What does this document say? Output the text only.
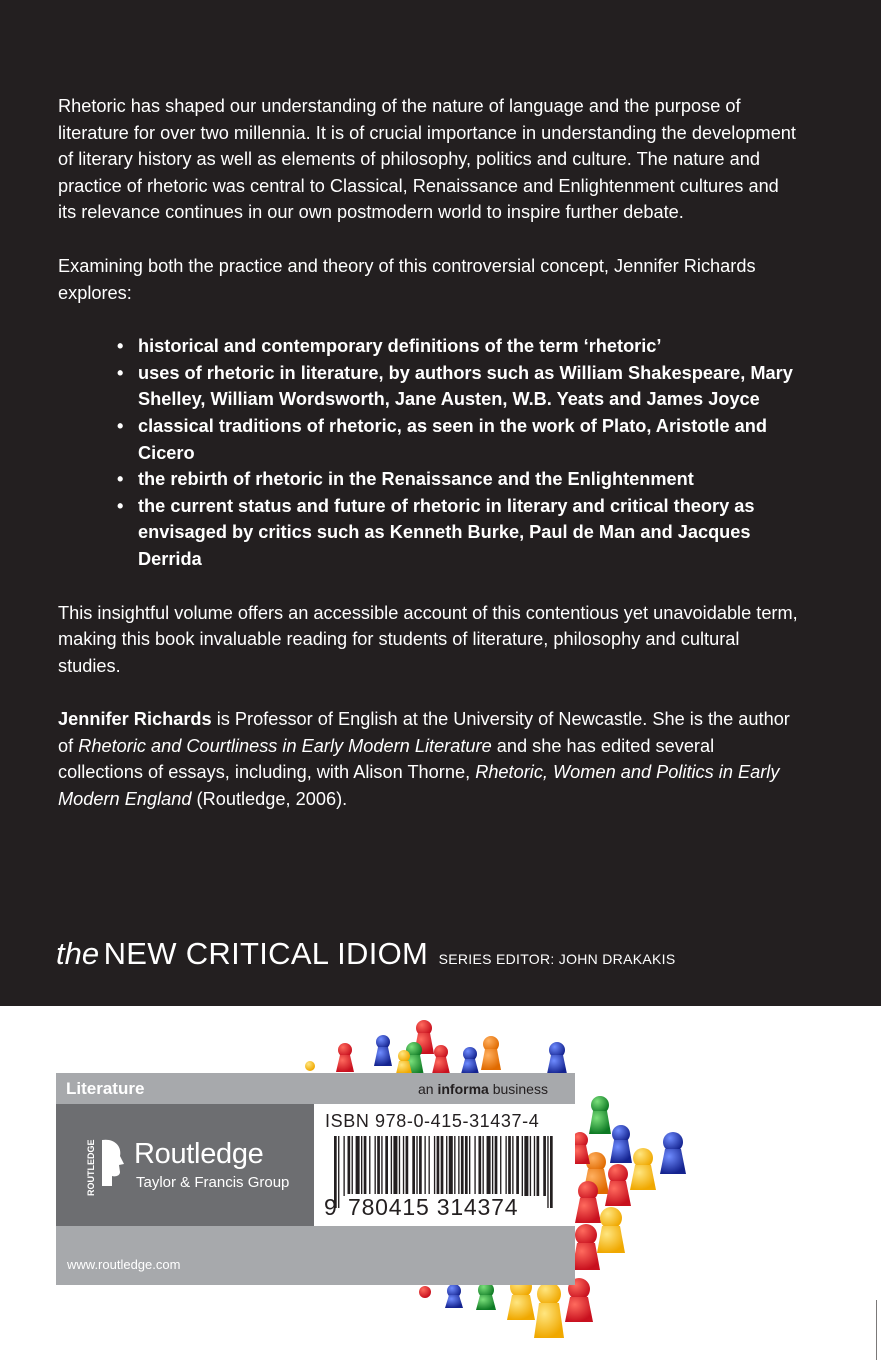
Rhetoric has shaped our understanding of the nature of language and the purpose of literature for over two millennia. It is of crucial importance in understanding the development of literary history as well as elements of philosophy, politics and culture. The nature and practice of rhetoric was central to Classical, Renaissance and Enlightenment cultures and its relevance continues in our own postmodern world to inspire further debate.

Examining both the practice and theory of this controversial concept, Jennifer Richards explores:

• historical and contemporary definitions of the term ‘rhetoric’
• uses of rhetoric in literature, by authors such as William Shakespeare, Mary Shelley, William Wordsworth, Jane Austen, W.B. Yeats and James Joyce
• classical traditions of rhetoric, as seen in the work of Plato, Aristotle and Cicero
• the rebirth of rhetoric in the Renaissance and the Enlightenment
• the current status and future of rhetoric in literary and critical theory as envisaged by critics such as Kenneth Burke, Paul de Man and Jacques Derrida

This insightful volume offers an accessible account of this contentious yet unavoidable term, making this book invaluable reading for students of literature, philosophy and cultural studies.

Jennifer Richards is Professor of English at the University of Newcastle. She is the author of Rhetoric and Courtliness in Early Modern Literature and she has edited several collections of essays, including, with Alison Thorne, Rhetoric, Women and Politics in Early Modern England (Routledge, 2006).

the NEW CRITICAL IDIOM SERIES EDITOR: JOHN DRAKAKIS
Literature	an informa business
ROUTLEDGE Routledge
Taylor & Francis Group
ISBN 978-0-415-31437-4
9 780415 314374
www.routledge.com
